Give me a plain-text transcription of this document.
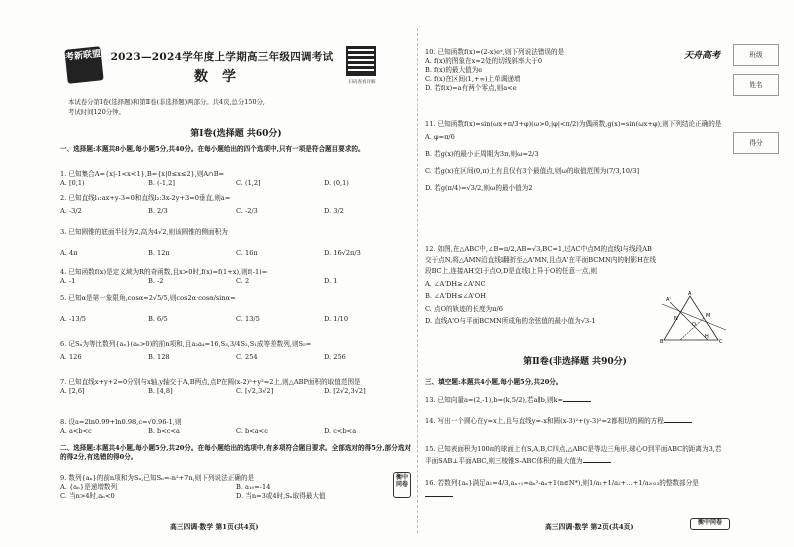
考新联盟 2023—2024学年度上学期高三年级四调考试
数学	扫码查看详解
本试卷分第Ⅰ卷(选择题)和第Ⅱ卷(非选择题)两部分。共4页,总分150分,
考试时间120分钟。
第Ⅰ卷(选择题 共60分)
一、选择题:本题共8小题,每小题5分,共40分。在每小题给出的四个选项中,只有一项是符合题目要求的。
1. 已知集合A={x|-1<x<1},B={x|0≤x≤2},则A∩B=
A. [0,1)	B. (-1,2]	C. (1,2]	D. (0,1)
2. 已知直线l₁:ax+y-3=0和直线l₂:3x-2y+3=0垂直,则a=
A. -3/2	B. 2/3	C. -2/3	D. 3/2
3. 已知圆锥的底面半径为2,高为4√2,则该圆锥的侧面积为
A. 4π	B. 12π	C. 16π	D. 16√2π/3
4. 已知函数f(x)是定义域为R的奇函数,且x>0时,f(x)=f(1+x),则f(-1)=
A. -1	B. -2	C. 2	D. 1
5. 已知α是第一象限角,cosα=2√5/5,则cos2α·cosα/sinα=
A. -13/5	B. 6/5	C. 13/5	D. 1/10
6. 记Sₙ为等比数列{aₙ}(aₙ>0)的前n项和,且a₂a₄=16,S₃,3/4S₂,S₁成等差数列,则S₅=
A. 126	B. 128	C. 254	D. 256
7. 已知直线x+y+2=0分别与x轴,y轴交于A,B两点,点P在圆(x-2)²+y²=2上,则△ABP面积的取值范围是
A. [2,6]	B. [4,8]	C. [√2,3√2]	D. [2√2,3√2]
8. 设a=2ln0.99+ln0.98,c=√0.96-1,则
A. a<b<c	B. b<c<a	C. b<a<c	D. c<b<a
二、选择题:本题共4小题,每小题5分,共20分。在每小题给出的选项中,有多项符合题目要求。全部选对的得5分,部分选对的得2分,有选错的得0分。
9. 数列{aₙ}的前n项和为Sₙ,已知Sₙ=-n²+7n,则下列说法正确的是
A. {aₙ}是递增数列	B. a₁₀=-14
C. 当n>4时,aₙ<0	D. 当n=3或4时,Sₙ取得最大值
高三四调·数学 第1页(共4页)
衡中同卷
10. 已知函数f(x)=(2-x)eˣ,则下列说法错误的是
A. f(x)的图象在x=2处的切线斜率大于0
B. f(x)的最大值为e
C. f(x)在区间(1,+∞)上单调递增
D. 若f(x)=a有两个零点,则a<e
11. 已知函数f(x)=sin(ωx+π/3+φ)(ω>0,|φ|<π/2)为偶函数,g(x)=sin(ωx+φ),则下列结论正确的是
A. φ=π/6
B. 若g(x)的最小正周期为3π,则ω=2/3
C. 若g(x)在区间(0,π)上有且仅有3个最值点,则ω的取值范围为(7/3,10/3]
D. 若g(π/4)=√3/2,则ω的最小值为2
12. 如图,在△ABC中,∠B=π/2,AB=√3,BC=1,过AC中点M的直线l与线段AB交于点N,将△AMN沿直线l翻折至△A'MN,且点A'在平面BCMN内的射影H在线段BC上,连接AH交l于点O,D是直线l上异于O的任意一点,则
A. ∠A'DH≥∠A'NC
B. ∠A'DH≤∠A'OH
C. 点O的轨迹的长度为π/6
D. 直线A'O与平面BCMN所成角的余弦值的最小值为√3-1
第Ⅱ卷(非选择题 共90分)
三、填空题:本题共4小题,每小题5分,共20分。
13. 已知向量a=(2,-1),b=(k,5/2),若a∥b,则k=
14. 写出一个圆心在y=x上,且与直线y=-x和圆(x-3)²+(y-3)²=2都相切的圆的方程
15. 已知表面积为100π的球面上有S,A,B,C四点,△ABC是等边三角形,球心O到平面ABC的距离为3,若平面SAB⊥平面ABC,则三棱锥S-ABC体积的最大值为
16. 若数列{aₙ}满足a₁=4/3,aₙ₊₁=aₙ²-aₙ+1(n∈N*),则1/a₁+1/a₂+…+1/a₂₀₂₃的整数部分是
A
B	C
M
N
H
O
A'
高三四调·数学 第2页(共4页)
衡中同卷
天舟高考	班级
姓名
得分
